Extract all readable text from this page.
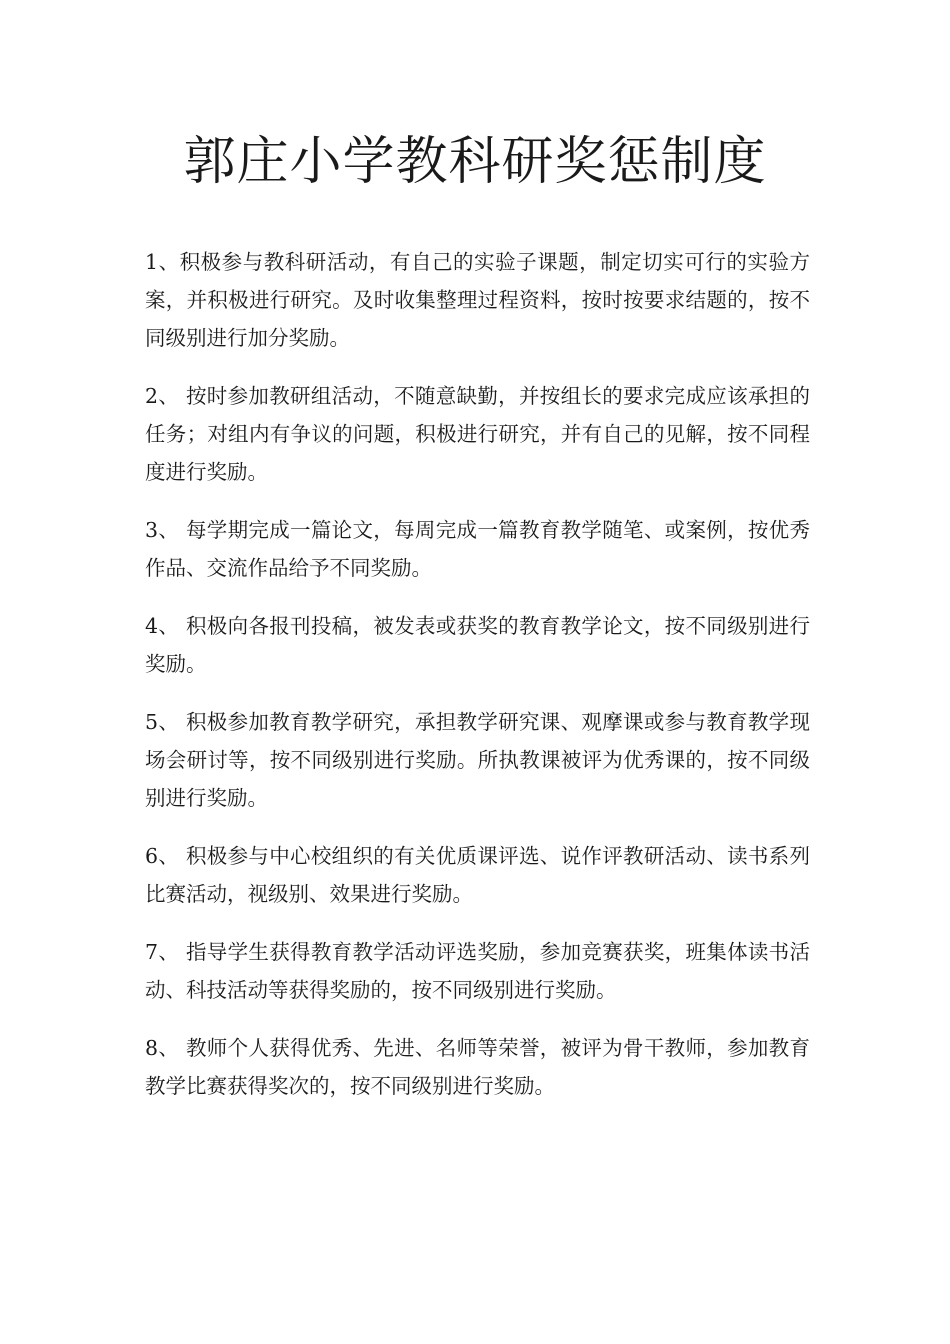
郭庄小学教科研奖惩制度

1、积极参与教科研活动，有自己的实验子课题，制定切实可行的实验方案，并积极进行研究。及时收集整理过程资料，按时按要求结题的，按不同级别进行加分奖励。

2、 按时参加教研组活动，不随意缺勤，并按组长的要求完成应该承担的任务；对组内有争议的问题，积极进行研究，并有自己的见解，按不同程度进行奖励。

3、 每学期完成一篇论文，每周完成一篇教育教学随笔、或案例，按优秀作品、交流作品给予不同奖励。

4、 积极向各报刊投稿，被发表或获奖的教育教学论文，按不同级别进行奖励。

5、 积极参加教育教学研究，承担教学研究课、观摩课或参与教育教学现场会研讨等，按不同级别进行奖励。所执教课被评为优秀课的，按不同级别进行奖励。

6、 积极参与中心校组织的有关优质课评选、说作评教研活动、读书系列比赛活动，视级别、效果进行奖励。

7、 指导学生获得教育教学活动评选奖励，参加竞赛获奖，班集体读书活动、科技活动等获得奖励的，按不同级别进行奖励。

8、 教师个人获得优秀、先进、名师等荣誉，被评为骨干教师，参加教育教学比赛获得奖次的，按不同级别进行奖励。
